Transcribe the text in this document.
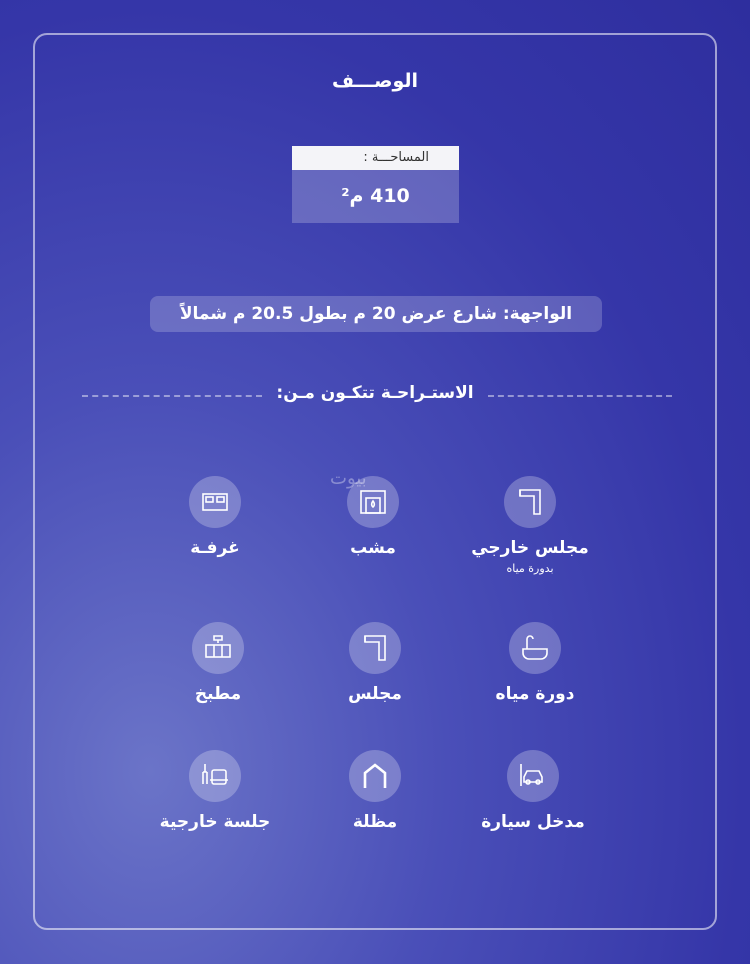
الوصـــف
المساحـــة :
410 م²
الواجهة: شارع عرض 20 م بطول 20.5 م شمالاً
الاستـراحـة تتكـون مـن:
بيوت
مجلس خارجي
بدورة مياه
مشب
غرفـة
دورة مياه
مجلس
مطبخ
مدخل سيارة
مظلة
جلسة خارجية
